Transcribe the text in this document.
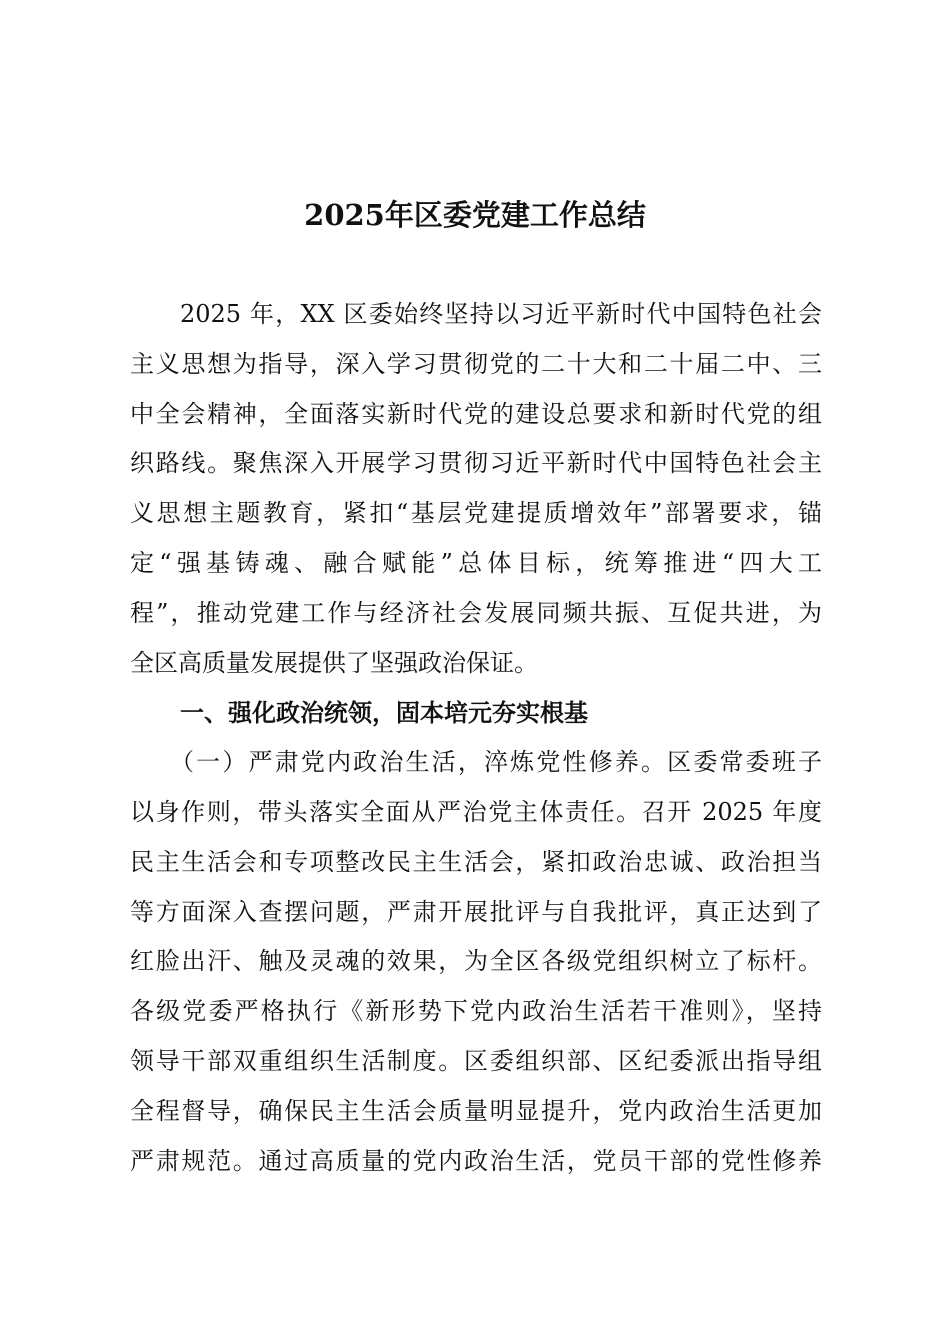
2025年区委党建工作总结
2025 年，XX 区委始终坚持以习近平新时代中国特色社会
主义思想为指导，深入学习贯彻党的二十大和二十届二中、三
中全会精神，全面落实新时代党的建设总要求和新时代党的组
织路线。聚焦深入开展学习贯彻习近平新时代中国特色社会主
义思想主题教育，紧扣“基层党建提质增效年”部署要求，锚
定“强基铸魂、融合赋能”总体目标，统筹推进“四大工
程”，推动党建工作与经济社会发展同频共振、互促共进，为
全区高质量发展提供了坚强政治保证。
一、强化政治统领，固本培元夯实根基
（一）严肃党内政治生活，淬炼党性修养。区委常委班子
以身作则，带头落实全面从严治党主体责任。召开 2025 年度
民主生活会和专项整改民主生活会，紧扣政治忠诚、政治担当
等方面深入查摆问题，严肃开展批评与自我批评，真正达到了
红脸出汗、触及灵魂的效果，为全区各级党组织树立了标杆。
各级党委严格执行《新形势下党内政治生活若干准则》，坚持
领导干部双重组织生活制度。区委组织部、区纪委派出指导组
全程督导，确保民主生活会质量明显提升，党内政治生活更加
严肃规范。通过高质量的党内政治生活，党员干部的党性修养
